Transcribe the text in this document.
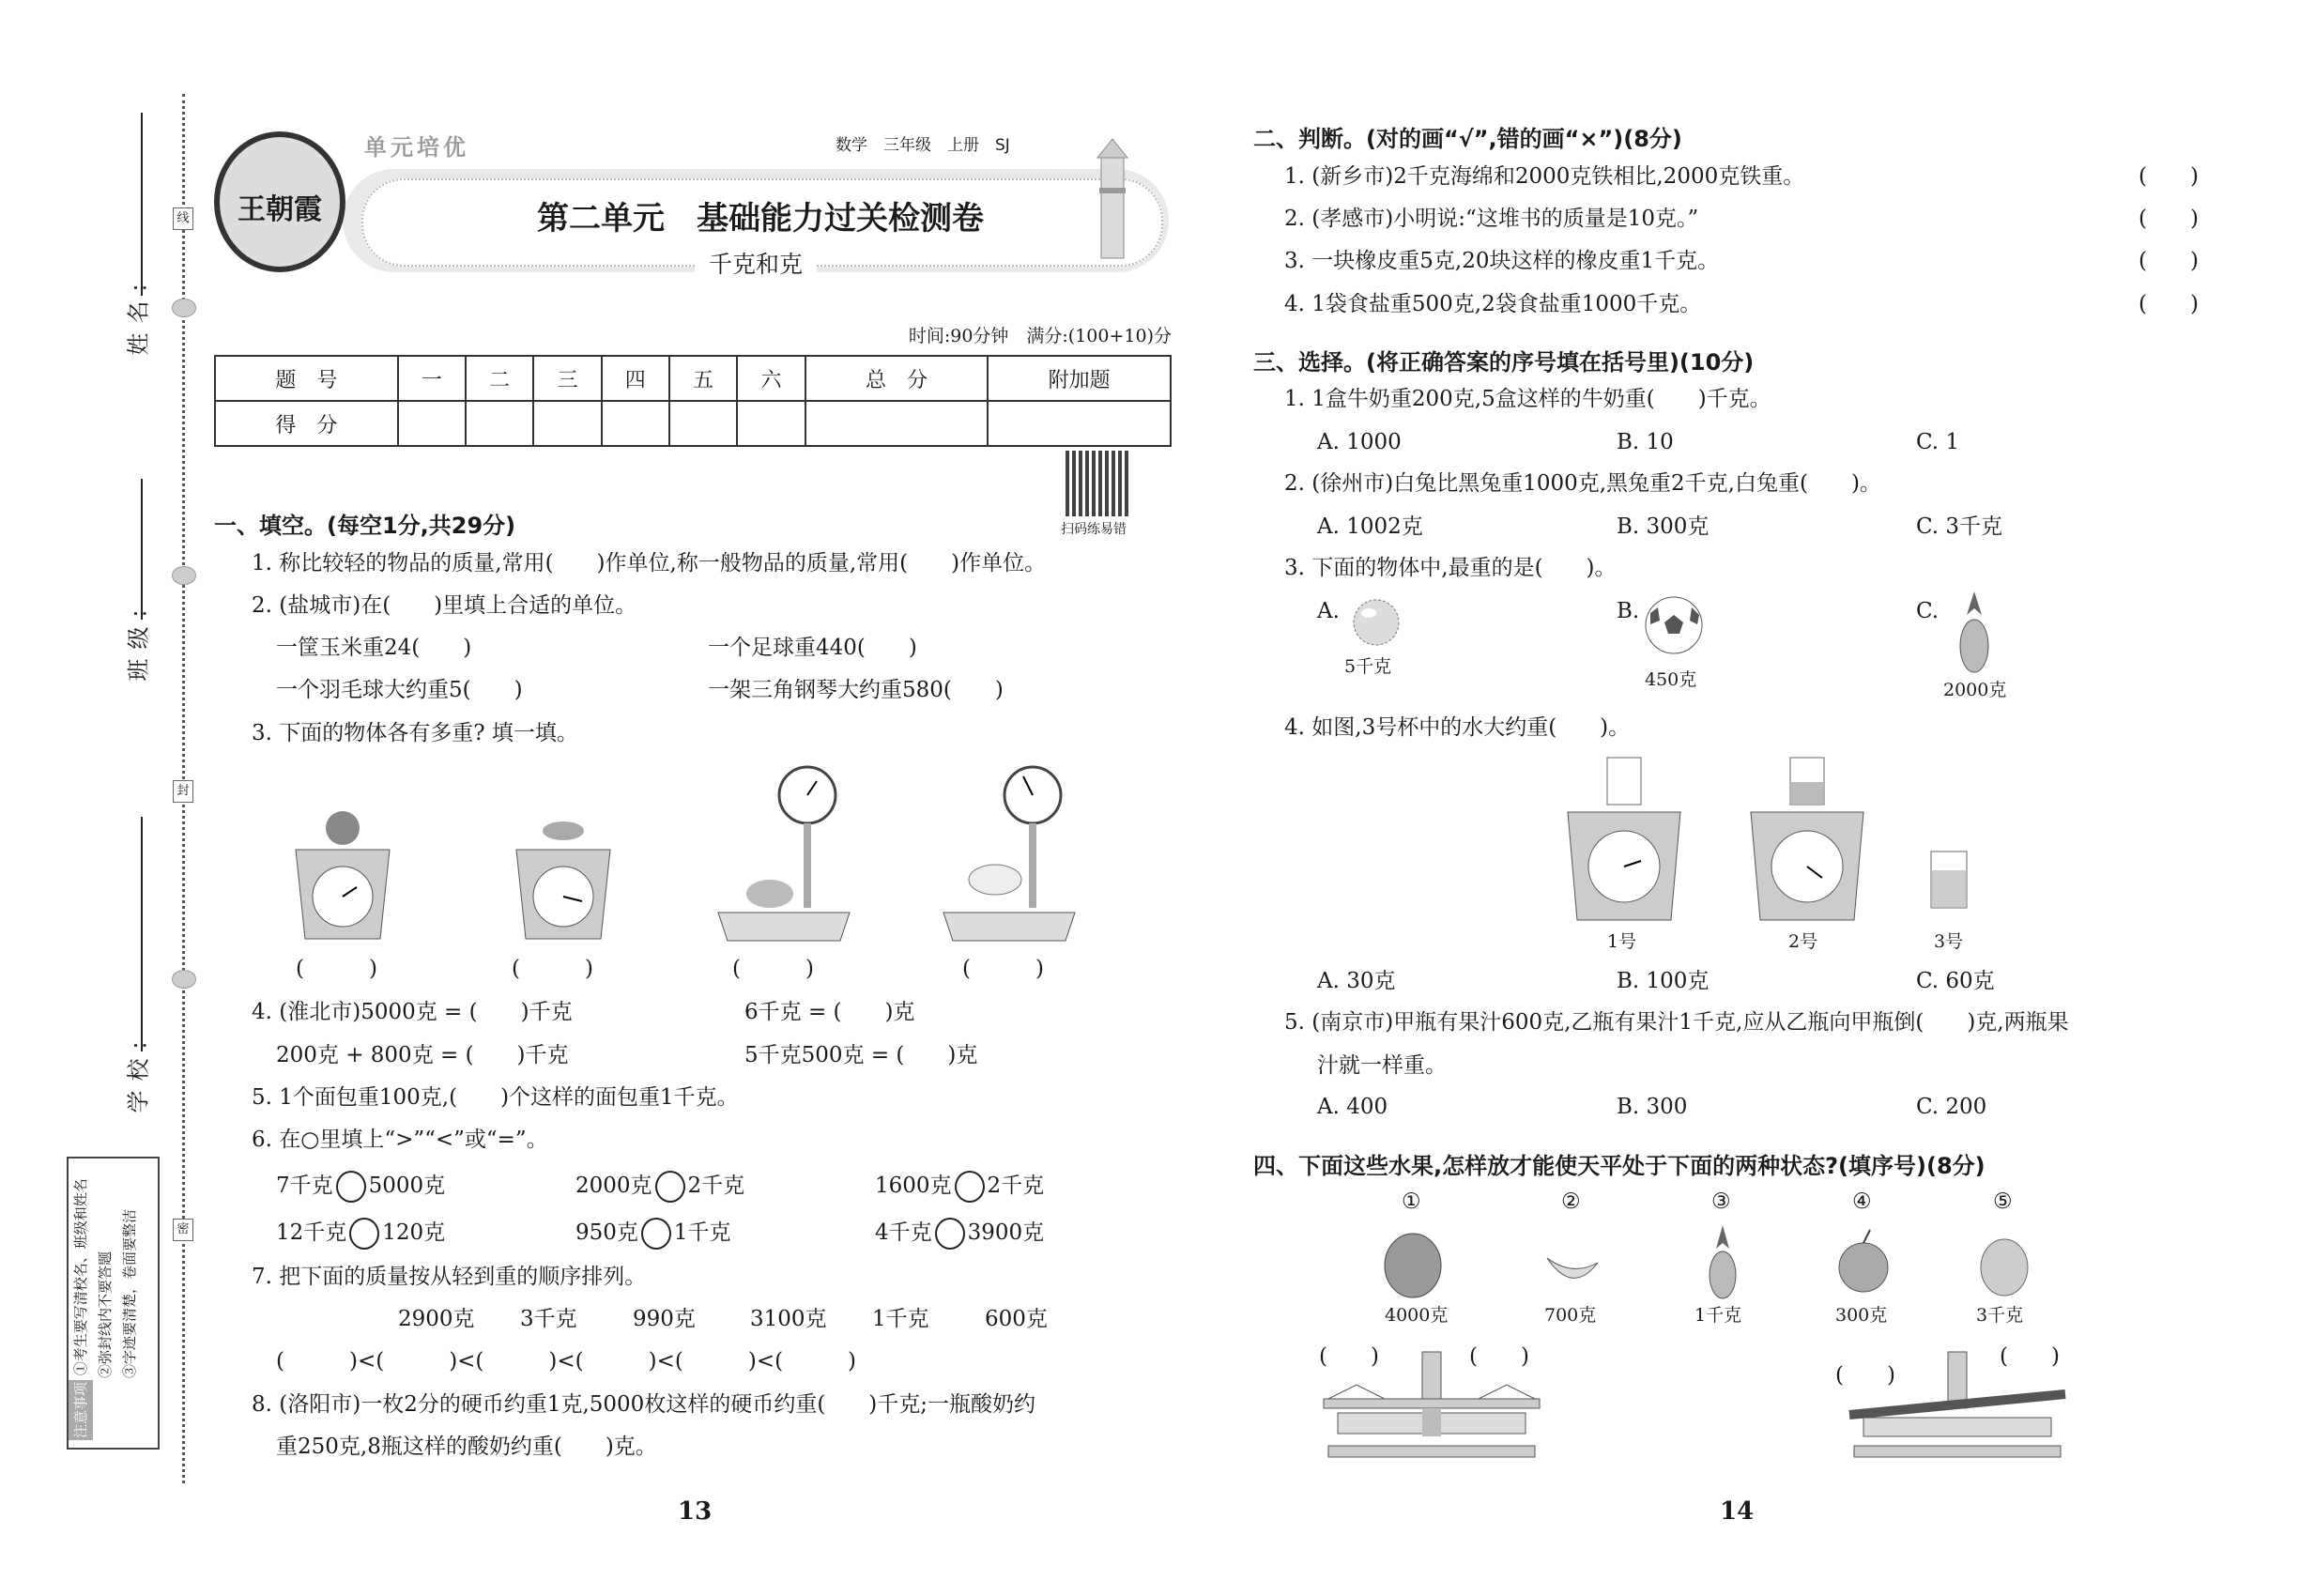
线
封
密
姓名:
班级:
学校:
注意事项 ①考生要写清校名、班级和姓名 ②弥封线内不要答题 ③字迹要清楚，卷面要整洁
王朝霞
单元培优	数学　三年级　上册　SJ
第二单元　基础能力过关检测卷
千克和克
时间:90分钟　满分:(100+10)分
题　号	一	二	三	四	五	六	总　分	附加题
得　分								
扫码练易错
一、填空。(每空1分,共29分)
1. 称比较轻的物品的质量,常用(　　)作单位,称一般物品的质量,常用(　　)作单位。
2. (盐城市)在(　　)里填上合适的单位。
一筐玉米重24(　　)	一个足球重440(　　)
一个羽毛球大约重5(　　)	一架三角钢琴大约重580(　　)
3. 下面的物体各有多重? 填一填。
(　　　)	(　　　)	(　　　)	(　　　)
4. (淮北市)5000克 = (　　)千克	6千克 = (　　)克
200克 + 800克 = (　　)千克	5千克500克 = (　　)克
5. 1个面包重100克,(　　)个这样的面包重1千克。
6. 在○里填上“>”“<”或“=”。
7千克 5000克	2000克 2千克	1600克 2千克
12千克 120克	950克 1千克	4千克 3900克
7. 把下面的质量按从轻到重的顺序排列。
2900克 3千克	990克	3100克 1千克	600克
(　　　)<(　　　)<(　　　)<(　　　)<(　　　)<(　　　)
8. (洛阳市)一枚2分的硬币约重1克,5000枚这样的硬币约重(　　)千克;一瓶酸奶约
重250克,8瓶这样的酸奶约重(　　)克。
13
二、判断。(对的画“√”,错的画“×”)(8分)
1. (新乡市)2千克海绵和2000克铁相比,2000克铁重。
2. (孝感市)小明说:“这堆书的质量是10克。”
3. 一块橡皮重5克,20块这样的橡皮重1千克。
4. 1袋食盐重500克,2袋食盐重1000千克。
(　　)
(　　)
(　　)
(　　)
三、选择。(将正确答案的序号填在括号里)(10分)
1. 1盒牛奶重200克,5盒这样的牛奶重(　　)千克。
A. 1000	B. 10	C. 1
2. (徐州市)白兔比黑兔重1000克,黑兔重2千克,白兔重(　　)。
A. 1002克	B. 300克	C. 3千克
3. 下面的物体中,最重的是(　　)。
A.
5千克
B.
450克
C.
2000克
4. 如图,3号杯中的水大约重(　　)。
1号	2号	3号
A. 30克	B. 100克	C. 60克
5. (南京市)甲瓶有果汁600克,乙瓶有果汁1千克,应从乙瓶向甲瓶倒(　　)克,两瓶果
汁就一样重。
A. 400	B. 300	C. 200
四、下面这些水果,怎样放才能使天平处于下面的两种状态?(填序号)(8分)
①
4000克
②
700克
③
1千克
④
300克
⑤
3千克
(　　)	(　　)
(　　)
(　　)
14
